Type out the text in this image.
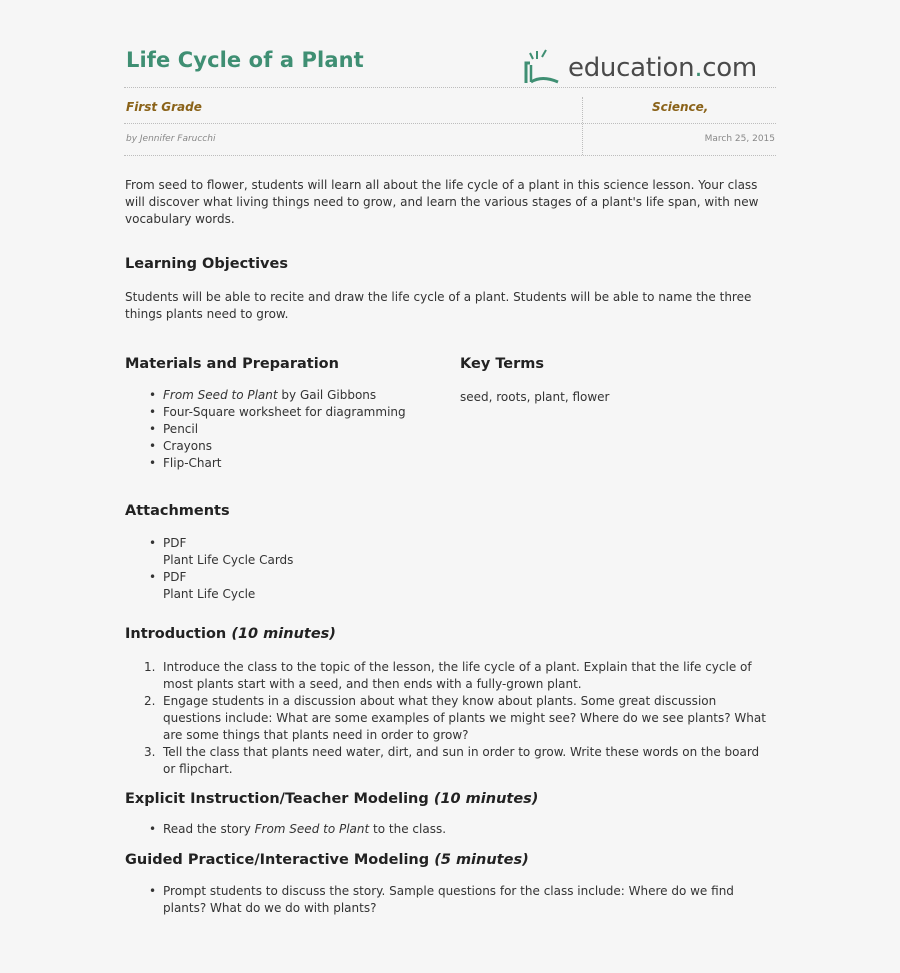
Life Cycle of a Plant	education.com
First Grade	Science,
by Jennifer Farucchi	March 25, 2015

From seed to flower, students will learn all about the life cycle of a plant in this science lesson. Your class will discover what living things need to grow, and learn the various stages of a plant's life span, with new vocabulary words.

Learning Objectives

Students will be able to recite and draw the life cycle of a plant. Students will be able to name the three things plants need to grow.

Materials and Preparation
• From Seed to Plant by Gail Gibbons
• Four-Square worksheet for diagramming
• Pencil
• Crayons
• Flip-Chart
Key Terms

seed, roots, plant, flower

Attachments
• PDF
Plant Life Cycle Cards
• PDF
Plant Life Cycle
Introduction (10 minutes)
1. Introduce the class to the topic of the lesson, the life cycle of a plant. Explain that the life cycle of most plants start with a seed, and then ends with a fully-grown plant.
2. Engage students in a discussion about what they know about plants. Some great discussion questions include: What are some examples of plants we might see? Where do we see plants? What are some things that plants need in order to grow?
3. Tell the class that plants need water, dirt, and sun in order to grow. Write these words on the board or flipchart.
Explicit Instruction/Teacher Modeling (10 minutes)
• Read the story From Seed to Plant to the class.
Guided Practice/Interactive Modeling (5 minutes)
• Prompt students to discuss the story. Sample questions for the class include: Where do we find plants? What do we do with plants?
